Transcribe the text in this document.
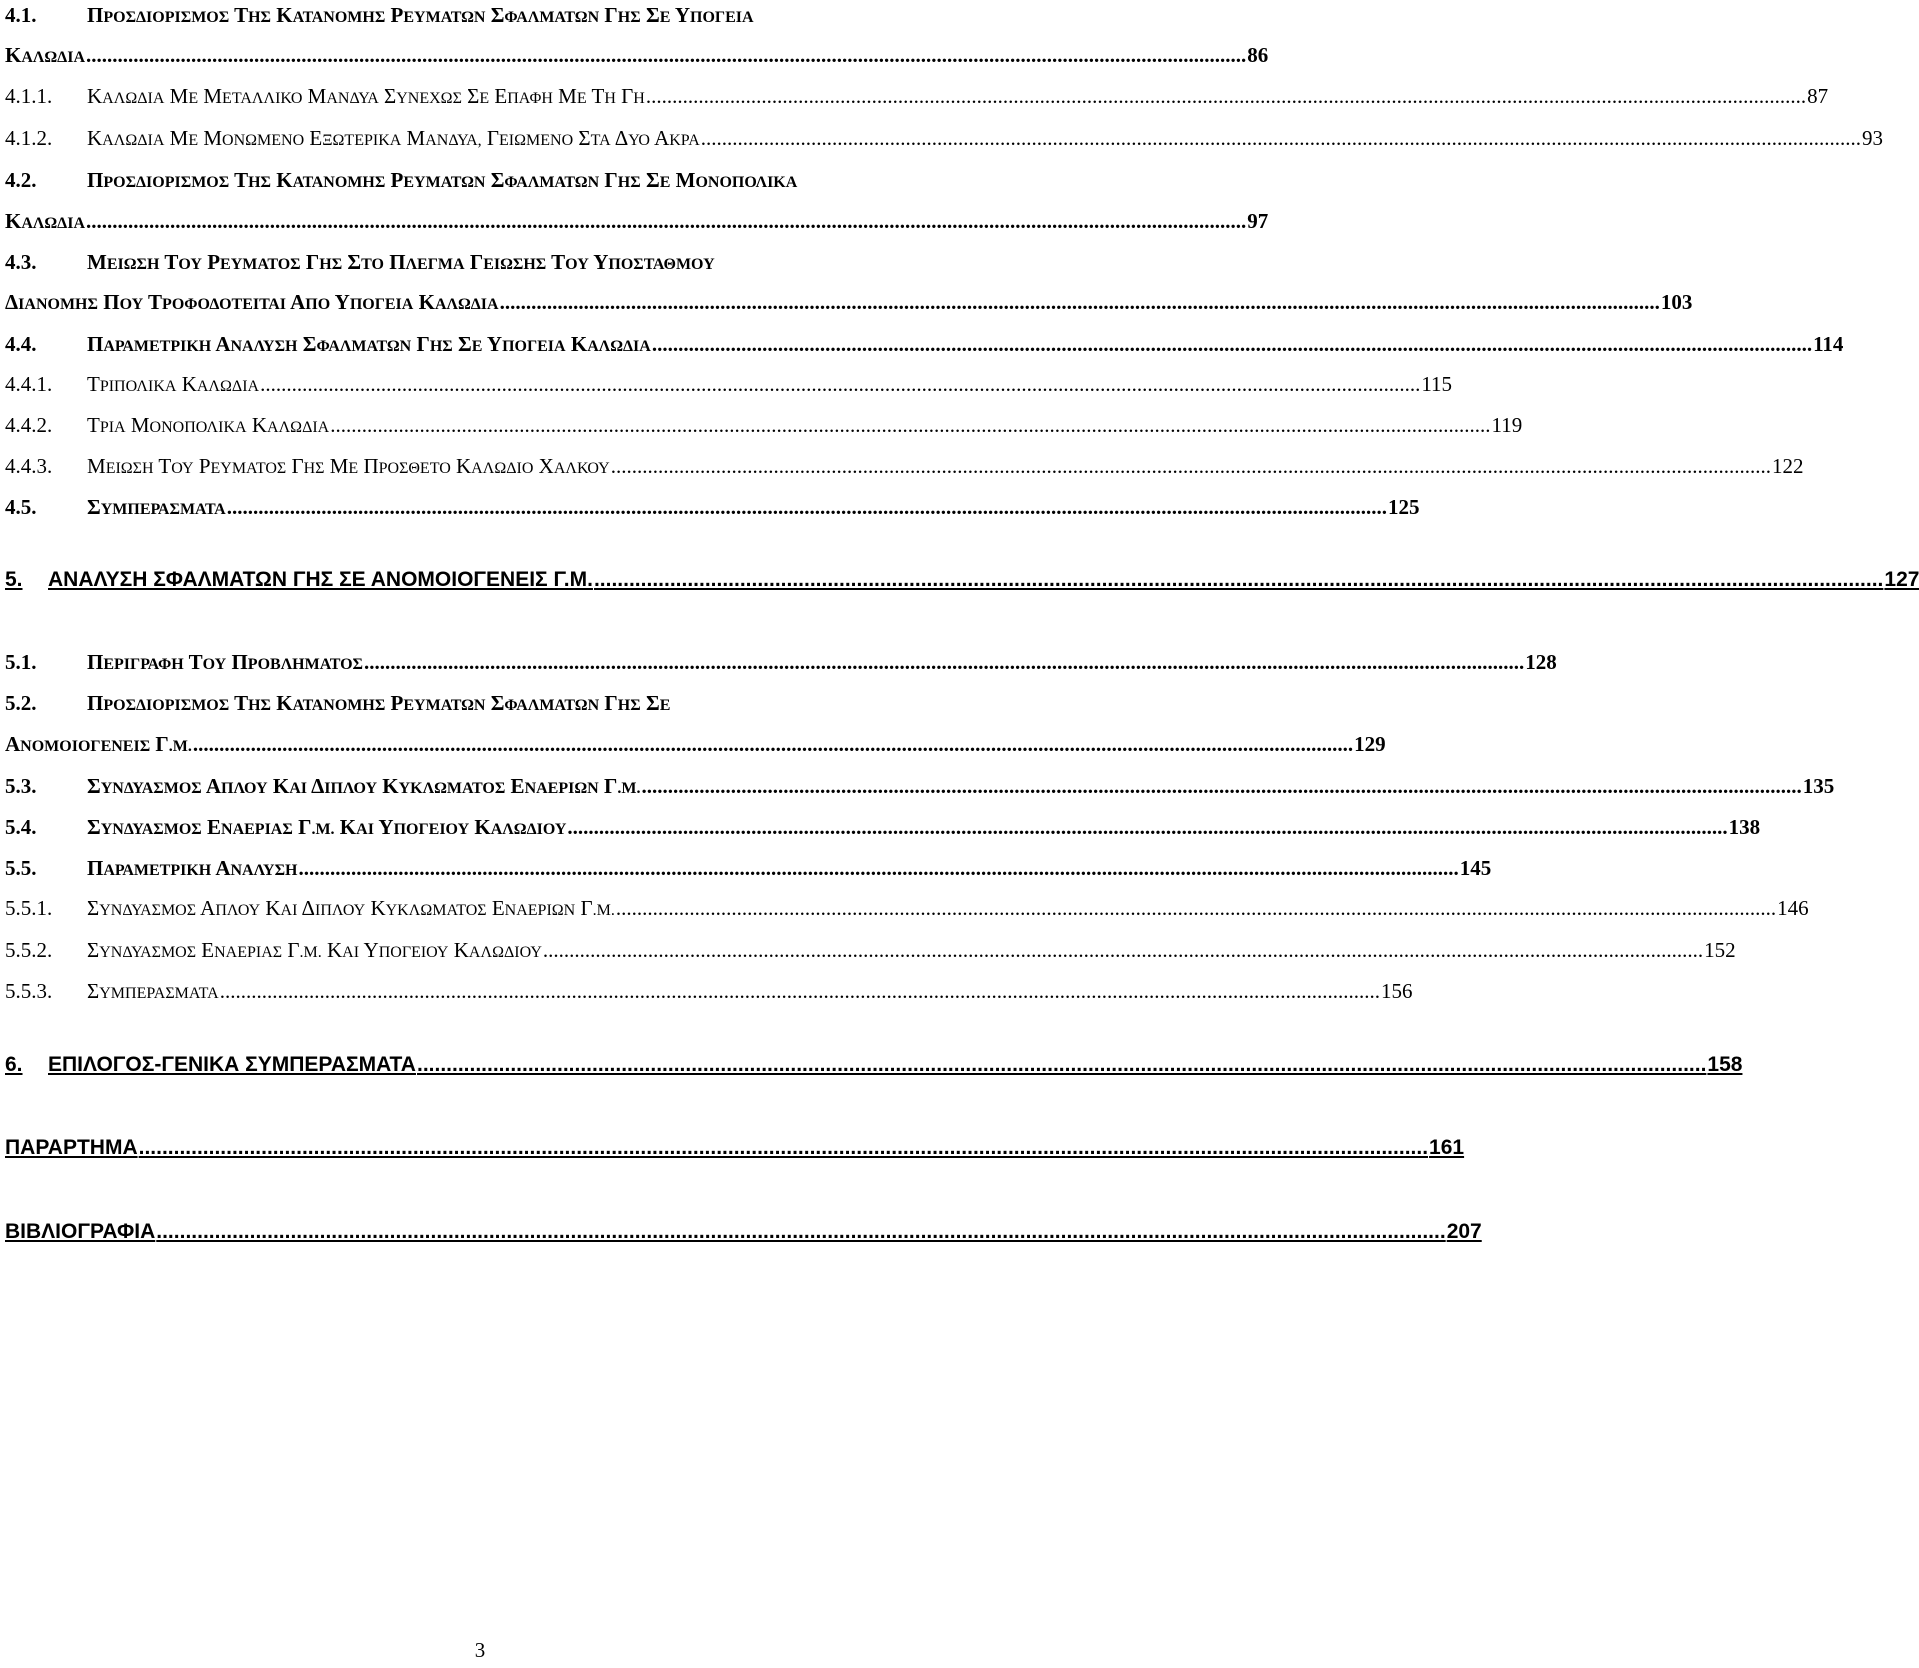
4.1.	ΠΡΟΣΔΙΟΡΙΣΜΟΣ ΤΗΣ ΚΑΤΑΝΟΜΗΣ ΡΕΥΜΑΤΩΝ ΣΦΑΛΜΑΤΩΝ ΓΗΣ ΣΕ ΥΠΟΓΕΙΑ
ΚΑΛΩΔΙΑ ............................................................................................................................................................................................................................. 86
4.1.1.	ΚΑΛΩΔΙΑ ΜΕ ΜΕΤΑΛΛΙΚΟ ΜΑΝΔΥΑ ΣΥΝΕΧΩΣ ΣΕ ΕΠΑΦΗ ΜΕ ΤΗ ΓΗ ............................................................................................................................................................................................................................. 87
4.1.2.	ΚΑΛΩΔΙΑ ΜΕ ΜΟΝΩΜΕΝΟ ΕΞΩΤΕΡΙΚΑ ΜΑΝΔΥΑ, ΓΕΙΩΜΕΝΟ ΣΤΑ ΔΥΟ ΑΚΡΑ ............................................................................................................................................................................................................................. 93
4.2.	ΠΡΟΣΔΙΟΡΙΣΜΟΣ ΤΗΣ ΚΑΤΑΝΟΜΗΣ ΡΕΥΜΑΤΩΝ ΣΦΑΛΜΑΤΩΝ ΓΗΣ ΣΕ ΜΟΝΟΠΟΛΙΚΑ
ΚΑΛΩΔΙΑ ............................................................................................................................................................................................................................. 97
4.3.	ΜΕΙΩΣΗ ΤΟΥ ΡΕΥΜΑΤΟΣ ΓΗΣ ΣΤΟ ΠΛΕΓΜΑ ΓΕΙΩΣΗΣ ΤΟΥ ΥΠΟΣΤΑΘΜΟΥ
ΔΙΑΝΟΜΗΣ ΠΟΥ ΤΡΟΦΟΔΟΤΕΙΤΑΙ ΑΠΟ ΥΠΟΓΕΙΑ ΚΑΛΩΔΙΑ ............................................................................................................................................................................................................................. 103
4.4.	ΠΑΡΑΜΕΤΡΙΚΗ ΑΝΑΛΥΣΗ ΣΦΑΛΜΑΤΩΝ ΓΗΣ ΣΕ ΥΠΟΓΕΙΑ ΚΑΛΩΔΙΑ ............................................................................................................................................................................................................................. 114
4.4.1.	ΤΡΙΠΟΛΙΚΑ ΚΑΛΩΔΙΑ ............................................................................................................................................................................................................................. 115
4.4.2.	ΤΡΙΑ ΜΟΝΟΠΟΛΙΚΑ ΚΑΛΩΔΙΑ ............................................................................................................................................................................................................................. 119
4.4.3.	ΜΕΙΩΣΗ ΤΟΥ ΡΕΥΜΑΤΟΣ ΓΗΣ ΜΕ ΠΡΟΣΘΕΤΟ ΚΑΛΩΔΙΟ ΧΑΛΚΟΥ ............................................................................................................................................................................................................................. 122
4.5.	ΣΥΜΠΕΡΑΣΜΑΤΑ ............................................................................................................................................................................................................................. 125
5.	ΑΝΑΛΥΣΗ ΣΦΑΛΜΑΤΩΝ ΓΗΣ ΣΕ ΑΝΟΜΟΙΟΓΕΝΕΙΣ Γ.Μ. ............................................................................................................................................................................................................................. 127
5.1.	ΠΕΡΙΓΡΑΦΗ ΤΟΥ ΠΡΟΒΛΗΜΑΤΟΣ ............................................................................................................................................................................................................................. 128
5.2.	ΠΡΟΣΔΙΟΡΙΣΜΟΣ ΤΗΣ ΚΑΤΑΝΟΜΗΣ ΡΕΥΜΑΤΩΝ ΣΦΑΛΜΑΤΩΝ ΓΗΣ ΣΕ
ΑΝΟΜΟΙΟΓΕΝΕΙΣ Γ.Μ. ............................................................................................................................................................................................................................. 129
5.3.	ΣΥΝΔΥΑΣΜΟΣ ΑΠΛΟΥ ΚΑΙ ΔΙΠΛΟΥ ΚΥΚΛΩΜΑΤΟΣ ΕΝΑΕΡΙΩΝ Γ.Μ. ............................................................................................................................................................................................................................. 135
5.4.	ΣΥΝΔΥΑΣΜΟΣ ΕΝΑΕΡΙΑΣ Γ.Μ. ΚΑΙ ΥΠΟΓΕΙΟΥ ΚΑΛΩΔΙΟΥ ............................................................................................................................................................................................................................. 138
5.5.	ΠΑΡΑΜΕΤΡΙΚΗ ΑΝΑΛΥΣΗ ............................................................................................................................................................................................................................. 145
5.5.1.	ΣΥΝΔΥΑΣΜΟΣ ΑΠΛΟΥ ΚΑΙ ΔΙΠΛΟΥ ΚΥΚΛΩΜΑΤΟΣ ΕΝΑΕΡΙΩΝ Γ.Μ. ............................................................................................................................................................................................................................. 146
5.5.2.	ΣΥΝΔΥΑΣΜΟΣ ΕΝΑΕΡΙΑΣ Γ.Μ. ΚΑΙ ΥΠΟΓΕΙΟΥ ΚΑΛΩΔΙΟΥ ............................................................................................................................................................................................................................. 152
5.5.3.	ΣΥΜΠΕΡΑΣΜΑΤΑ ............................................................................................................................................................................................................................. 156
6.	ΕΠΙΛΟΓΟΣ-ΓΕΝΙΚΑ ΣΥΜΠΕΡΑΣΜΑΤΑ ............................................................................................................................................................................................................................. 158
ΠΑΡΑΡΤΗΜΑ ............................................................................................................................................................................................................................. 161
ΒΙΒΛΙΟΓΡΑΦΙΑ ............................................................................................................................................................................................................................. 207
3
